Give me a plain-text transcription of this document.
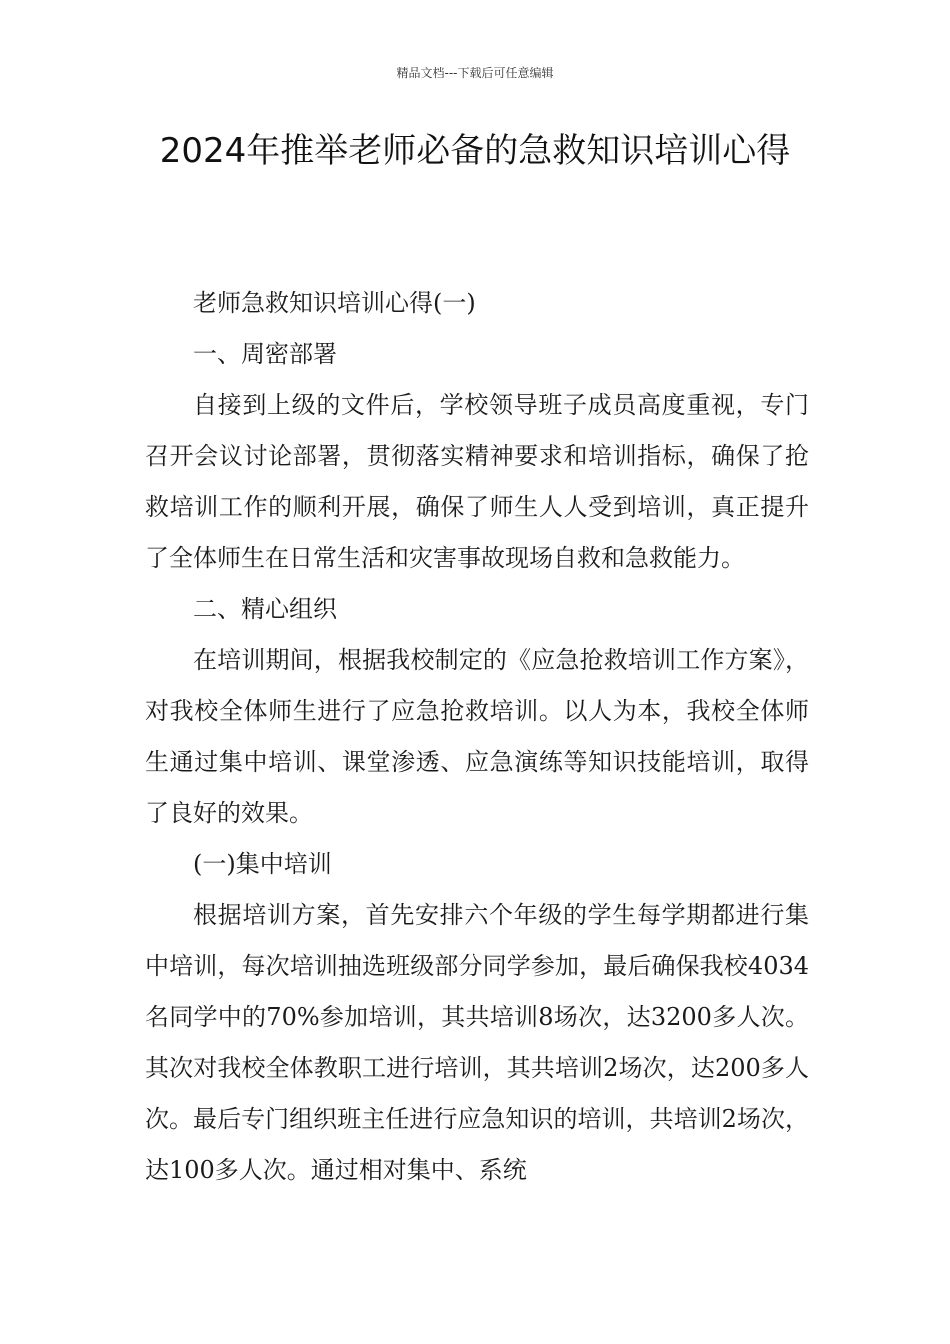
精品文档---下载后可任意编辑
2024年推举老师必备的急救知识培训心得

老师急救知识培训心得(一)

一、周密部署

自接到上级的文件后，学校领导班子成员高度重视，专门召开会议讨论部署，贯彻落实精神要求和培训指标，确保了抢救培训工作的顺利开展，确保了师生人人受到培训，真正提升了全体师生在日常生活和灾害事故现场自救和急救能力。

二、精心组织

在培训期间，根据我校制定的《应急抢救培训工作方案》，对我校全体师生进行了应急抢救培训。以人为本，我校全体师生通过集中培训、课堂渗透、应急演练等知识技能培训，取得了良好的效果。

(一)集中培训

根据培训方案，首先安排六个年级的学生每学期都进行集中培训，每次培训抽选班级部分同学参加，最后确保我校4034名同学中的70%参加培训，其共培训8场次，达3200多人次。其次对我校全体教职工进行培训，其共培训2场次，达200多人次。最后专门组织班主任进行应急知识的培训，共培训2场次，达100多人次。通过相对集中、系统
